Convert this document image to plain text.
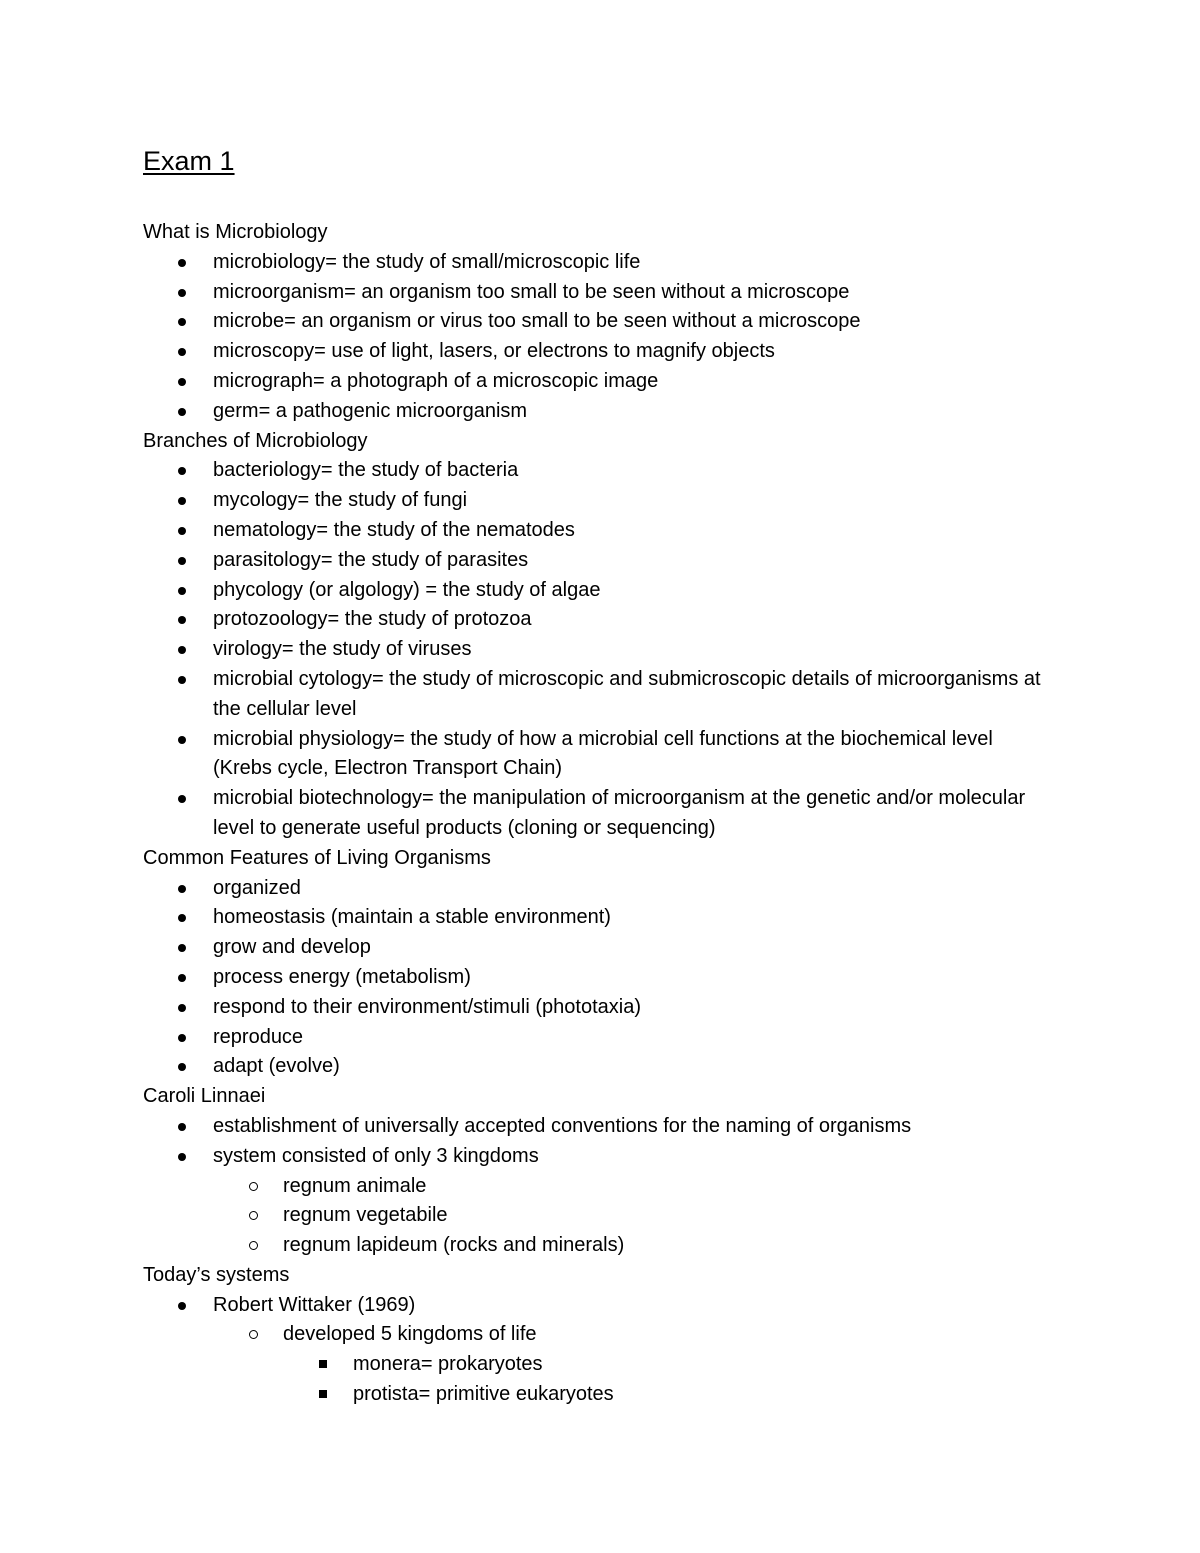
Exam 1
What is Microbiology
microbiology= the study of small/microscopic life
microorganism= an organism too small to be seen without a microscope
microbe= an organism or virus too small to be seen without a microscope
microscopy= use of light, lasers, or electrons to magnify objects
micrograph= a photograph of a microscopic image
germ= a pathogenic microorganism
Branches of Microbiology
bacteriology= the study of bacteria
mycology= the study of fungi
nematology= the study of the nematodes
parasitology= the study of parasites
phycology (or algology) = the study of algae
protozoology= the study of protozoa
virology= the study of viruses
microbial cytology= the study of microscopic and submicroscopic details of microorganisms at the cellular level
microbial physiology= the study of how a microbial cell functions at the biochemical level (Krebs cycle, Electron Transport Chain)
microbial biotechnology= the manipulation of microorganism at the genetic and/or molecular level to generate useful products (cloning or sequencing)
Common Features of Living Organisms
organized
homeostasis (maintain a stable environment)
grow and develop
process energy (metabolism)
respond to their environment/stimuli (phototaxia)
reproduce
adapt (evolve)
Caroli Linnaei
establishment of universally accepted conventions for the naming of organisms
system consisted of only 3 kingdoms
regnum animale
regnum vegetabile
regnum lapideum (rocks and minerals)
Today’s systems
Robert Wittaker (1969)
developed 5 kingdoms of life
monera= prokaryotes
protista= primitive eukaryotes
